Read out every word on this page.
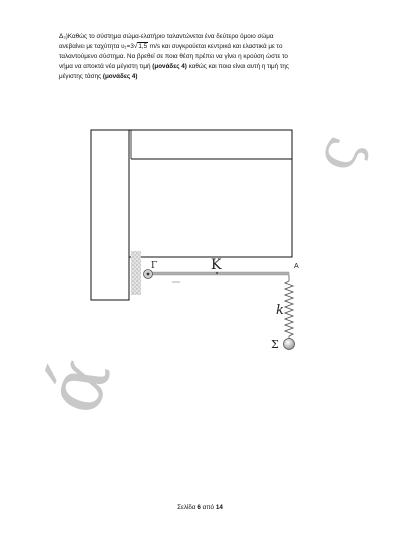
ς
ά

Δ₃)Καθώς το σύστημα σώμα-ελατήριο ταλαντώνεται ένα δεύτερο όμοιο σώμα

ανεβαίνει με ταχύτητα υ₁=3√1,5 m/s και συγκρούεται κεντρικά και ελαστικά με το

ταλαντούμενο σύστημα. Να βρεθεί σε ποια θέση πρέπει να γίνει η κρούση ώστε το

νήμα να αποκτά νέα μέγιστη τιμή (μονάδες 4) καθώς και ποια είναι αυτή η τιμή της

μέγιστης τάσης (μονάδες 4)

Γ	K	A
k
Σ
Σελίδα 6 από 14
